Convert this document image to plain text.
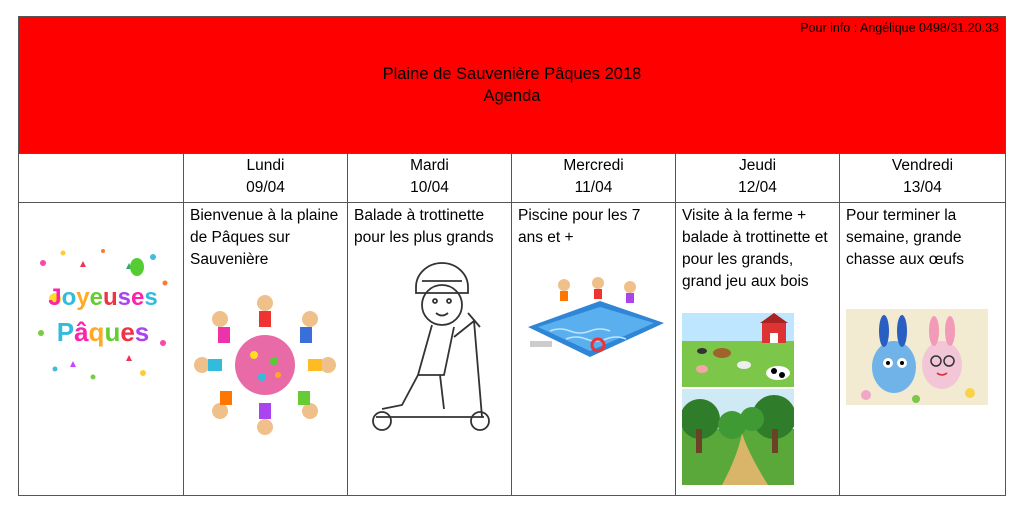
Pour info : Angélique 0498/31.20.33
Plaine de Sauvenière Pâques 2018
Agenda
Lundi
09/04
Mardi
10/04
Mercredi
11/04
Jeudi
12/04
Vendredi
13/04
Joyeuses
Pâques
Bienvenue à la plaine de Pâques sur Sauvenière
Balade à trottinette pour les plus grands
Piscine pour les 7 ans et +
Visite à la ferme + balade à trottinette et pour les grands, grand jeu aux bois
Pour terminer la semaine, grande chasse aux œufs
